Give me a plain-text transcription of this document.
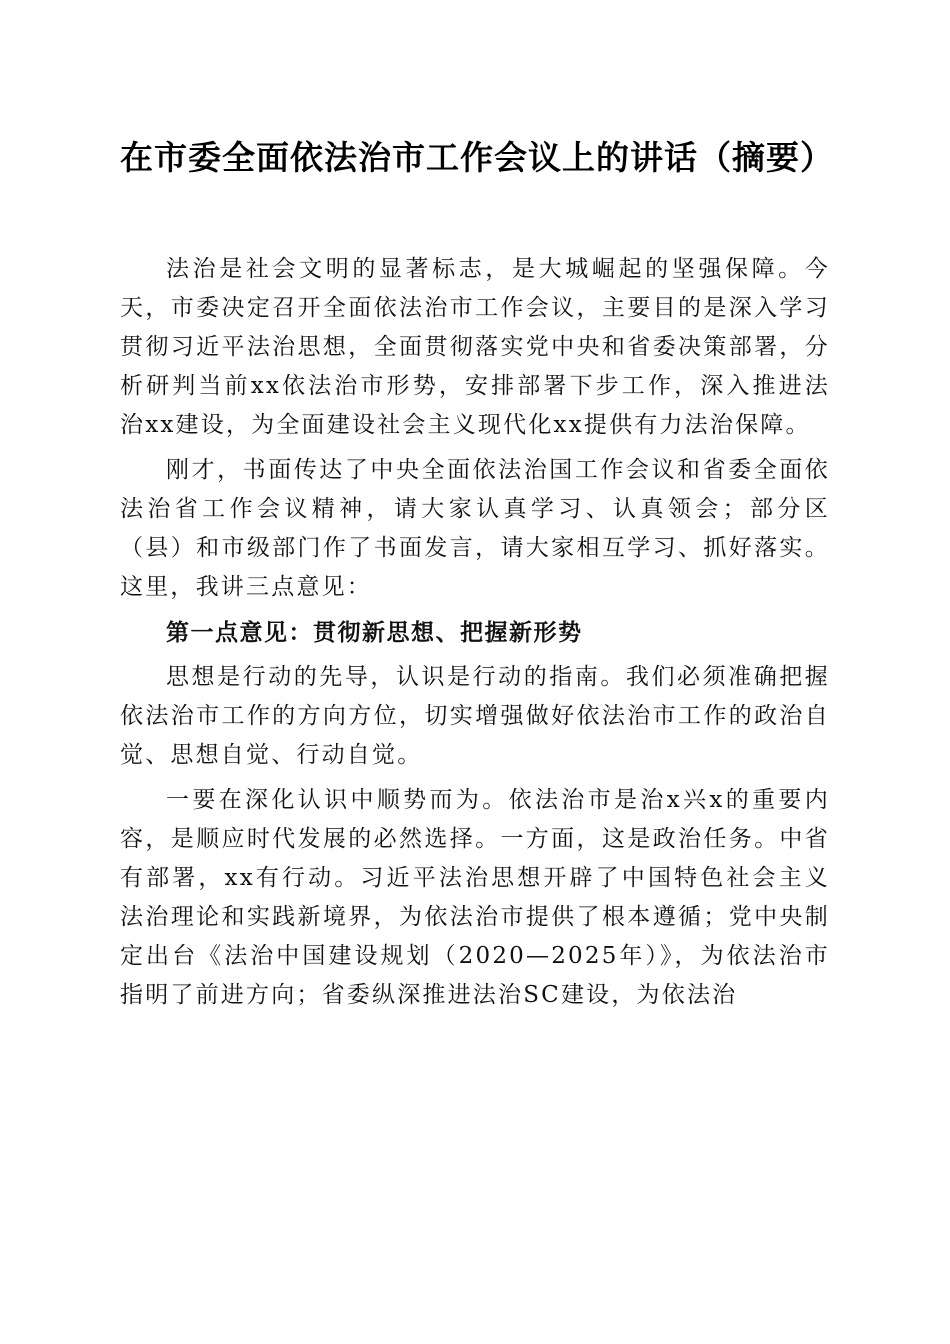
在市委全面依法治市工作会议上的讲话（摘要）

法治是社会文明的显著标志，是大城崛起的坚强保障。今天，市委决定召开全面依法治市工作会议，主要目的是深入学习贯彻习近平法治思想，全面贯彻落实党中央和省委决策部署，分析研判当前xx依法治市形势，安排部署下步工作，深入推进法治xx建设，为全面建设社会主义现代化xx提供有力法治保障。

刚才，书面传达了中央全面依法治国工作会议和省委全面依法治省工作会议精神，请大家认真学习、认真领会；部分区（县）和市级部门作了书面发言，请大家相互学习、抓好落实。这里，我讲三点意见：

第一点意见：贯彻新思想、把握新形势

思想是行动的先导，认识是行动的指南。我们必须准确把握依法治市工作的方向方位，切实增强做好依法治市工作的政治自觉、思想自觉、行动自觉。

一要在深化认识中顺势而为。依法治市是治x兴x的重要内容，是顺应时代发展的必然选择。一方面，这是政治任务。中省有部署，xx有行动。习近平法治思想开辟了中国特色社会主义法治理论和实践新境界，为依法治市提供了根本遵循；党中央制定出台《法治中国建设规划（2020—2025年）》，为依法治市指明了前进方向；省委纵深推进法治SC建设，为依法治
